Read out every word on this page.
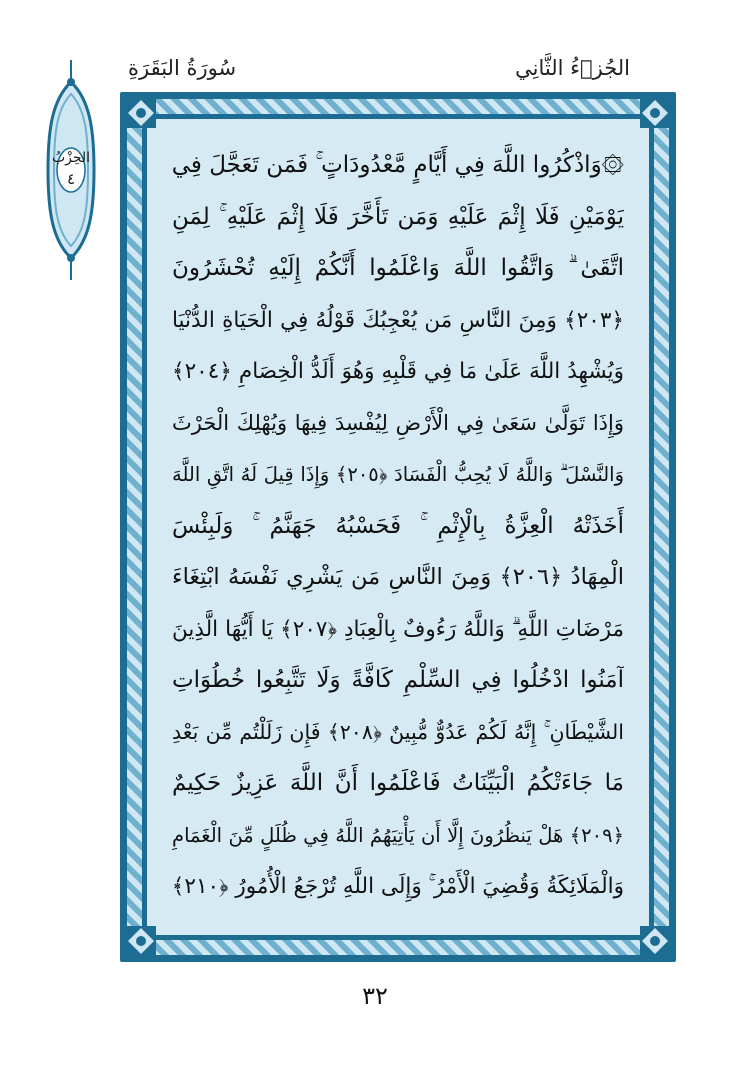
سُورَةُ البَقَرَةِ	الجُزۡءُ الثَّانِي
الحِزْبُ
٤
۞وَاذْكُرُوا اللَّهَ فِي أَيَّامٍ مَّعْدُودَاتٍ ۚ فَمَن تَعَجَّلَ فِي
يَوْمَيْنِ فَلَا إِثْمَ عَلَيْهِ وَمَن تَأَخَّرَ فَلَا إِثْمَ عَلَيْهِ ۚ لِمَنِ
اتَّقَىٰ ۗ وَاتَّقُوا اللَّهَ وَاعْلَمُوا أَنَّكُمْ إِلَيْهِ تُحْشَرُونَ
﴿٢٠٣﴾ وَمِنَ النَّاسِ مَن يُعْجِبُكَ قَوْلُهُ فِي الْحَيَاةِ الدُّنْيَا
وَيُشْهِدُ اللَّهَ عَلَىٰ مَا فِي قَلْبِهِ وَهُوَ أَلَدُّ الْخِصَامِ ﴿٢٠٤﴾
وَإِذَا تَوَلَّىٰ سَعَىٰ فِي الْأَرْضِ لِيُفْسِدَ فِيهَا وَيُهْلِكَ الْحَرْثَ
وَالنَّسْلَ ۗ وَاللَّهُ لَا يُحِبُّ الْفَسَادَ ﴿٢٠٥﴾ وَإِذَا قِيلَ لَهُ اتَّقِ اللَّهَ
أَخَذَتْهُ الْعِزَّةُ بِالْإِثْمِ ۚ فَحَسْبُهُ جَهَنَّمُ ۚ وَلَبِئْسَ
الْمِهَادُ ﴿٢٠٦﴾ وَمِنَ النَّاسِ مَن يَشْرِي نَفْسَهُ ابْتِغَاءَ
مَرْضَاتِ اللَّهِ ۗ وَاللَّهُ رَءُوفٌ بِالْعِبَادِ ﴿٢٠٧﴾ يَا أَيُّهَا الَّذِينَ
آمَنُوا ادْخُلُوا فِي السِّلْمِ كَافَّةً وَلَا تَتَّبِعُوا خُطُوَاتِ
الشَّيْطَانِ ۚ إِنَّهُ لَكُمْ عَدُوٌّ مُّبِينٌ ﴿٢٠٨﴾ فَإِن زَلَلْتُم مِّن بَعْدِ
مَا جَاءَتْكُمُ الْبَيِّنَاتُ فَاعْلَمُوا أَنَّ اللَّهَ عَزِيزٌ حَكِيمٌ
﴿٢٠٩﴾ هَلْ يَنظُرُونَ إِلَّا أَن يَأْتِيَهُمُ اللَّهُ فِي ظُلَلٍ مِّنَ الْغَمَامِ
وَالْمَلَائِكَةُ وَقُضِيَ الْأَمْرُ ۚ وَإِلَى اللَّهِ تُرْجَعُ الْأُمُورُ ﴿٢١٠﴾
٣٢
